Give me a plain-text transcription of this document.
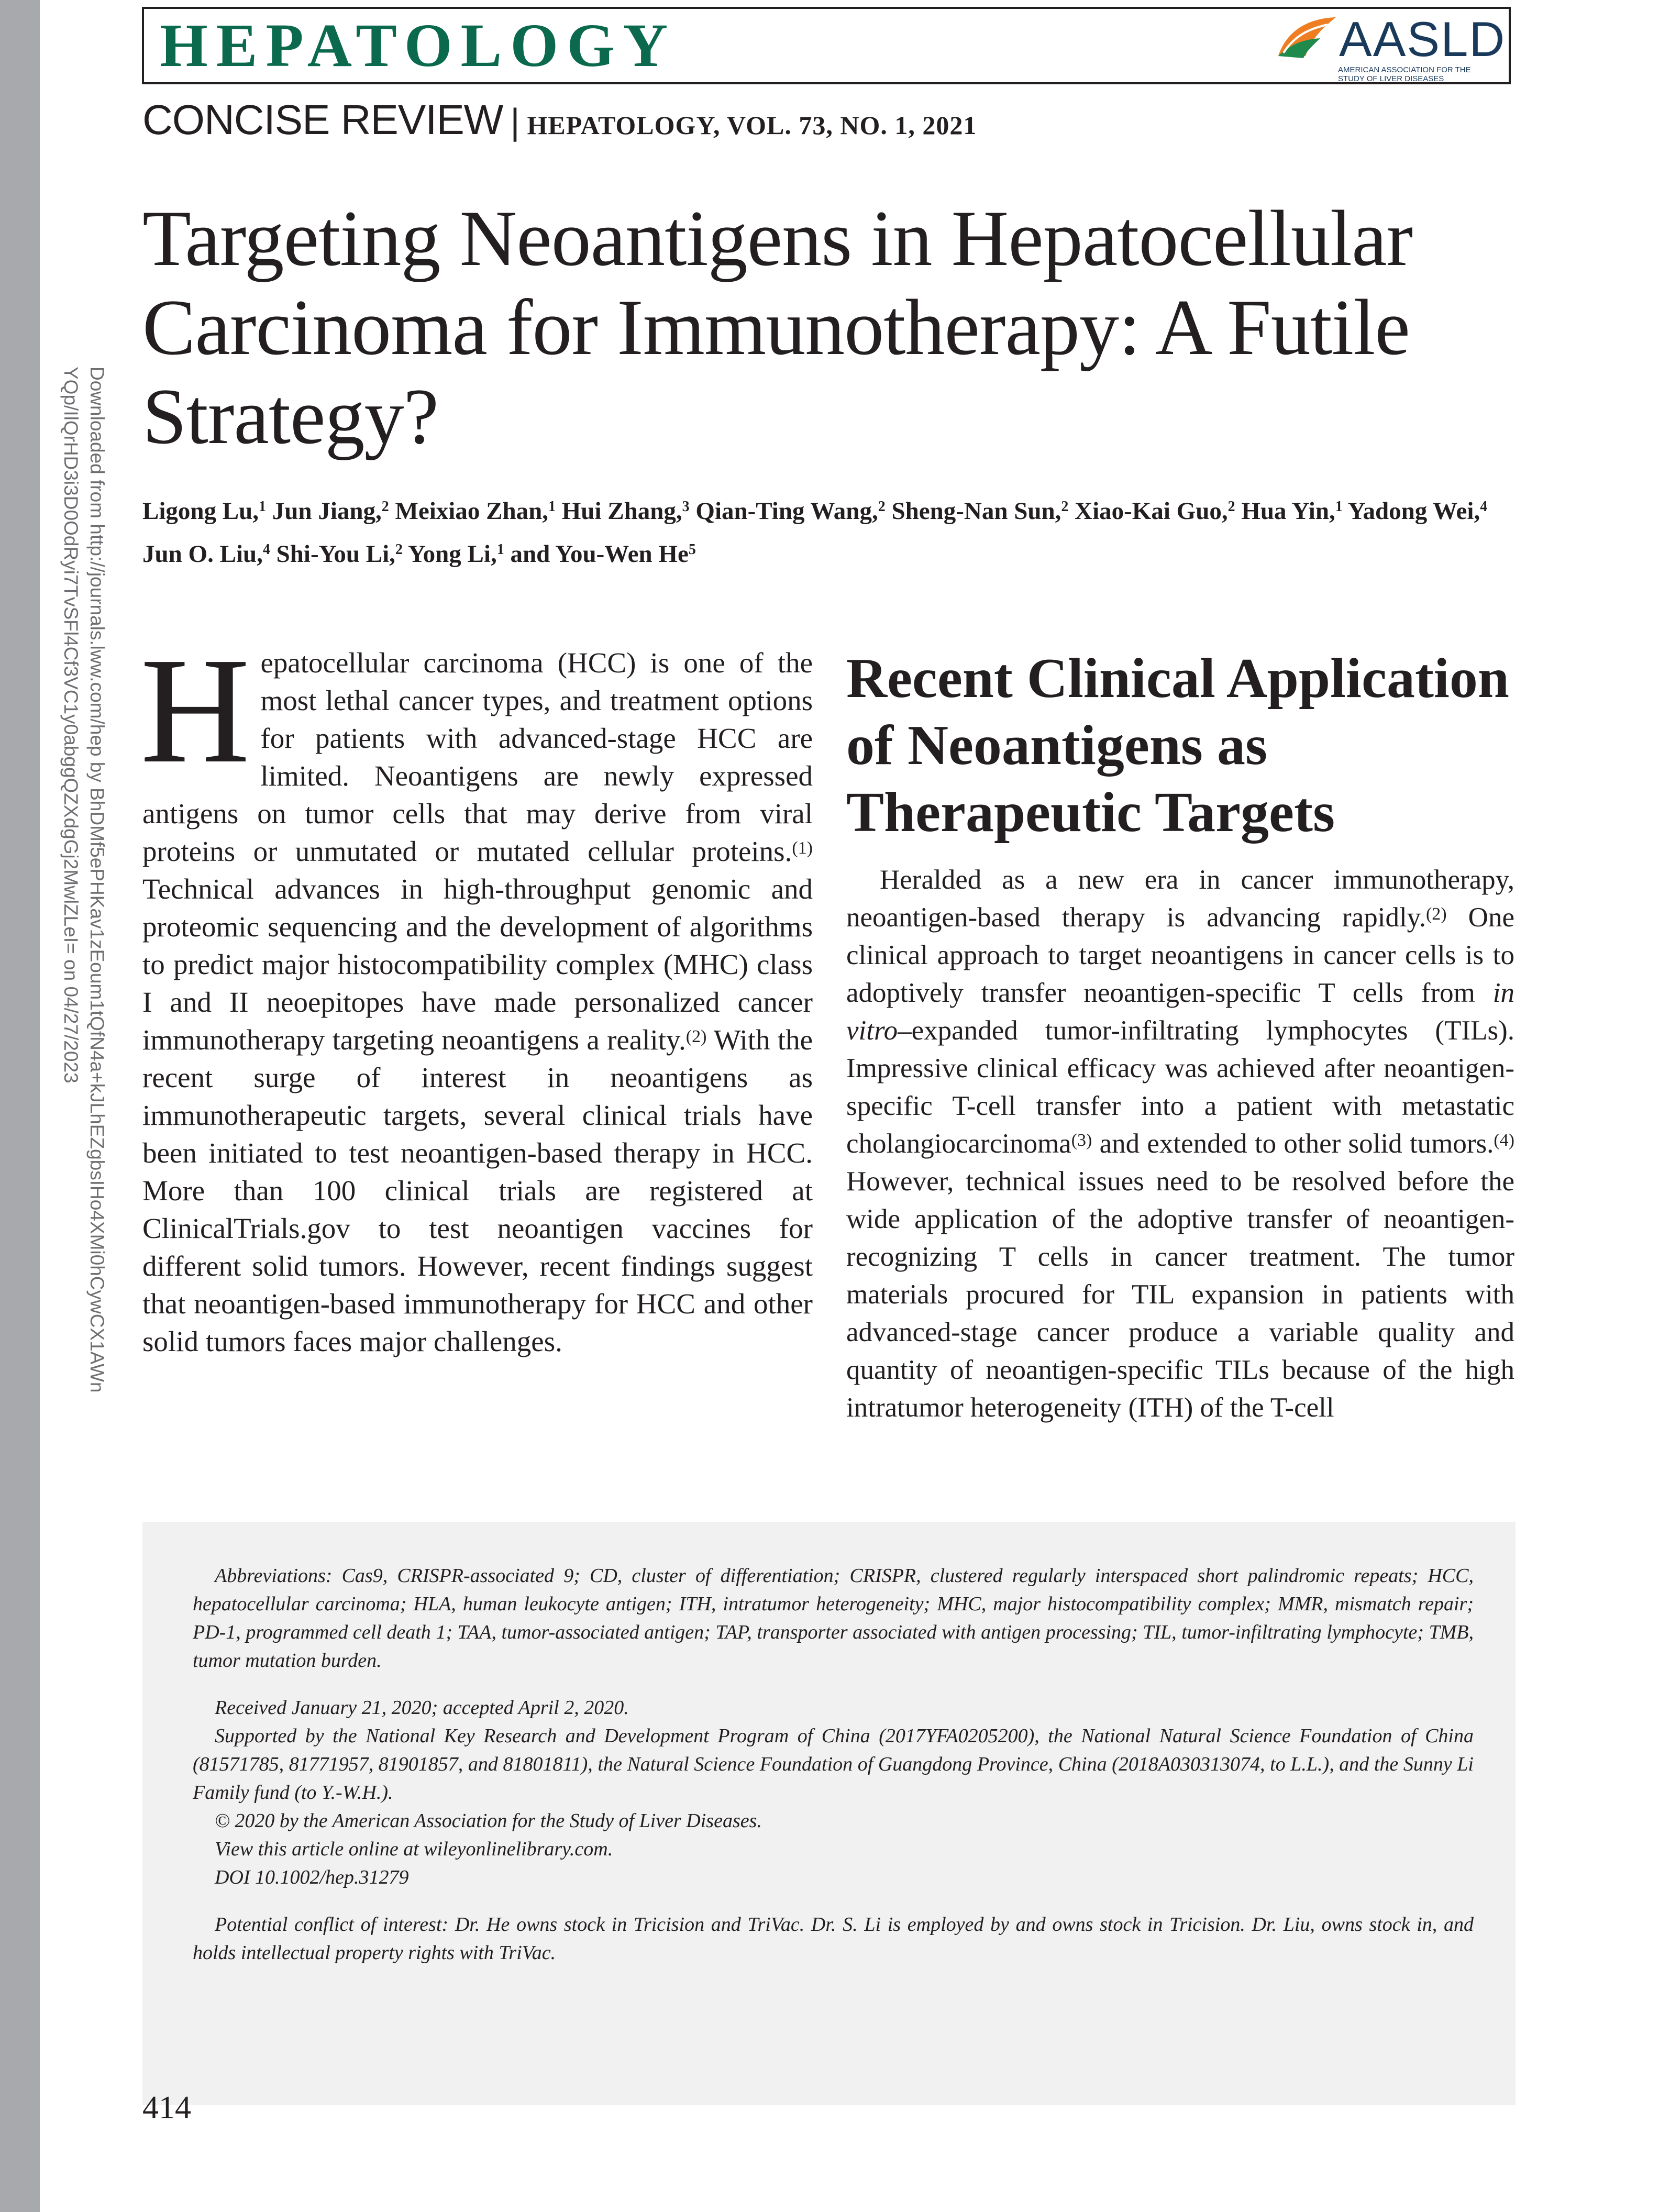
Downloaded from http://journals.lww.com/hep by BhDMf5ePHKav1zEoum1tQfN4a+kJLhEZgbsIHo4XMi0hCywCX1AWn
YQp/IlQrHD3i3D0OdRyi7TvSFl4Cf3VC1y0abggQZXdgGj2MwlZLeI= on 04/27/2023
HEPATOLOGY	AASLD
AMERICAN ASSOCIATION FOR THE STUDY OF LIVER DISEASES
CONCISE REVIEW | HEPATOLOGY, VOL. 73, NO. 1, 2021
Targeting Neoantigens in Hepatocellular
Carcinoma for Immunotherapy: A Futile
Strategy?
Ligong Lu,$^1$ Jun Jiang,$^2$ Meixiao Zhan,$^1$ Hui Zhang,$^3$ Qian-Ting Wang,$^2$ Sheng-Nan Sun,$^2$ Xiao-Kai Guo,$^2$ Hua Yin,$^1$ Yadong Wei,$^4$
Jun O. Liu,$^4$ Shi-You Li,$^2$ Yong Li,$^1$ and You-Wen He$^5$
Hepatocellular carcinoma (HCC) is one of the most lethal cancer types, and treatment options for patients with advanced-stage HCC are limited. Neoantigens are newly expressed antigens on tumor cells that may derive from viral proteins or unmutated or mutated cellular proteins.$^{(1)}$ Technical advances in high-throughput genomic and proteomic sequencing and the development of algorithms to predict major histocompatibility complex (MHC) class I and II neoepitopes have made personalized cancer immunotherapy targeting neoantigens a reality.$^{(2)}$ With the recent surge of interest in neoantigens as immunotherapeutic targets, several clinical trials have been initiated to test neoantigen-based therapy in HCC. More than 100 clinical trials are registered at ClinicalTrials.gov to test neoantigen vaccines for different solid tumors. However, recent findings suggest that neoantigen-based immunotherapy for HCC and other solid tumors faces major challenges.
Recent Clinical Application of Neoantigens as Therapeutic Targets

Heralded as a new era in cancer immunotherapy, neoantigen-based therapy is advancing rapidly.$^{(2)}$ One clinical approach to target neoantigens in cancer cells is to adoptively transfer neoantigen-specific T cells from in vitro–expanded tumor-infiltrating lymphocytes (TILs). Impressive clinical efficacy was achieved after neoantigen-specific T-cell transfer into a patient with metastatic cholangiocarcinoma$^{(3)}$ and extended to other solid tumors.$^{(4)}$ However, technical issues need to be resolved before the wide application of the adoptive transfer of neoantigen-recognizing T cells in cancer treatment. The tumor materials procured for TIL expansion in patients with advanced-stage cancer produce a variable quality and quantity of neoantigen-specific TILs because of the high intratumor heterogeneity (ITH) of the T-cell

Abbreviations: Cas9, CRISPR-associated 9; CD, cluster of differentiation; CRISPR, clustered regularly interspaced short palindromic repeats; HCC, hepatocellular carcinoma; HLA, human leukocyte antigen; ITH, intratumor heterogeneity; MHC, major histocompatibility complex; MMR, mismatch repair; PD-1, programmed cell death 1; TAA, tumor-associated antigen; TAP, transporter associated with antigen processing; TIL, tumor-infiltrating lymphocyte; TMB, tumor mutation burden.

Received January 21, 2020; accepted April 2, 2020.

Supported by the National Key Research and Development Program of China (2017YFA0205200), the National Natural Science Foundation of China (81571785, 81771957, 81901857, and 81801811), the Natural Science Foundation of Guangdong Province, China (2018A030313074, to L.L.), and the Sunny Li Family fund (to Y.-W.H.).

© 2020 by the American Association for the Study of Liver Diseases.

View this article online at wileyonlinelibrary.com.

DOI 10.1002/hep.31279

Potential conflict of interest: Dr. He owns stock in Tricision and TriVac. Dr. S. Li is employed by and owns stock in Tricision. Dr. Liu, owns stock in, and holds intellectual property rights with TriVac.

414
